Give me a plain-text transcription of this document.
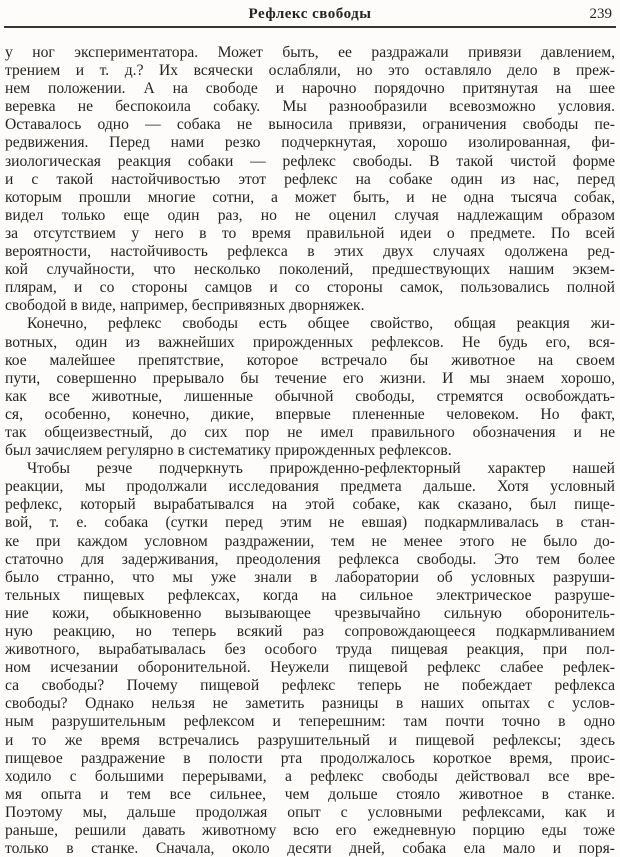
Рефлекс свободы	239
у ног экспериментатора. Может быть, ее раздражали привязи давлением,
трением и т. д.? Их всячески ослабляли, но это оставляло дело в преж-
нем положении. А на свободе и нарочно порядочно притянутая на шее
веревка не беспокоила собаку. Мы разнообразили всевозможно условия.
Оставалось одно — собака не выносила привязи, ограничения свободы пе-
редвижения. Перед нами резко подчеркнутая, хорошо изолированная, фи-
зиологическая реакция собаки — рефлекс свободы. В такой чистой форме
и с такой настойчивостью этот рефлекс на собаке один из нас, перед
которым прошли многие сотни, а может быть, и не одна тысяча собак,
видел только еще один раз, но не оценил случая надлежащим образом
за отсутствием у него в то время правильной идеи о предмете. По всей
вероятности, настойчивость рефлекса в этих двух случаях одолжена ред-
кой случайности, что несколько поколений, предшествующих нашим экзем-
плярам, и со стороны самцов и со стороны самок, пользовались полной
свободой в виде, например, беспривязных дворняжек.
Конечно, рефлекс свободы есть общее свойство, общая реакция жи-
вотных, один из важнейших прирожденных рефлексов. Не будь его, вся-
кое малейшее препятствие, которое встречало бы животное на своем
пути, совершенно прерывало бы течение его жизни. И мы знаем хорошо,
как все животные, лишенные обычной свободы, стремятся освобождать-
ся, особенно, конечно, дикие, впервые плененные человеком. Но факт,
так общеизвестный, до сих пор не имел правильного обозначения и не
был зачисляем регулярно в систематику прирожденных рефлексов.
Чтобы резче подчеркнуть прирожденно-рефлекторный характер нашей
реакции, мы продолжали исследования предмета дальше. Хотя условный
рефлекс, который вырабатывался на этой собаке, как сказано, был пище-
вой, т. е. собака (сутки перед этим не евшая) подкармливалась в стан-
ке при каждом условном раздражении, тем не менее этого не было до-
статочно для задерживания, преодоления рефлекса свободы. Это тем более
было странно, что мы уже знали в лаборатории об условных разруши-
тельных пищевых рефлексах, когда на сильное электрическое разруше-
ние кожи, обыкновенно вызывающее чрезвычайно сильную оборонитель-
ную реакцию, но теперь всякий раз сопровождающееся подкармливанием
животного, вырабатывалась без особого труда пищевая реакция, при пол-
ном исчезании оборонительной. Неужели пищевой рефлекс слабее рефлек-
са свободы? Почему пищевой рефлекс теперь не побеждает рефлекса
свободы? Однако нельзя не заметить разницы в наших опытах с услов-
ным разрушительным рефлексом и теперешним: там почти точно в одно
и то же время встречались разрушительный и пищевой рефлексы; здесь
пищевое раздражение в полости рта продолжалось короткое время, проис-
ходило с большими перерывами, а рефлекс свободы действовал все вре-
мя опыта и тем все сильнее, чем дольше стояло животное в станке.
Поэтому мы, дальше продолжая опыт с условными рефлексами, как и
раньше, решили давать животному всю его ежедневную порцию еды тоже
только в станке. Сначала, около десяти дней, собака ела мало и поря-
